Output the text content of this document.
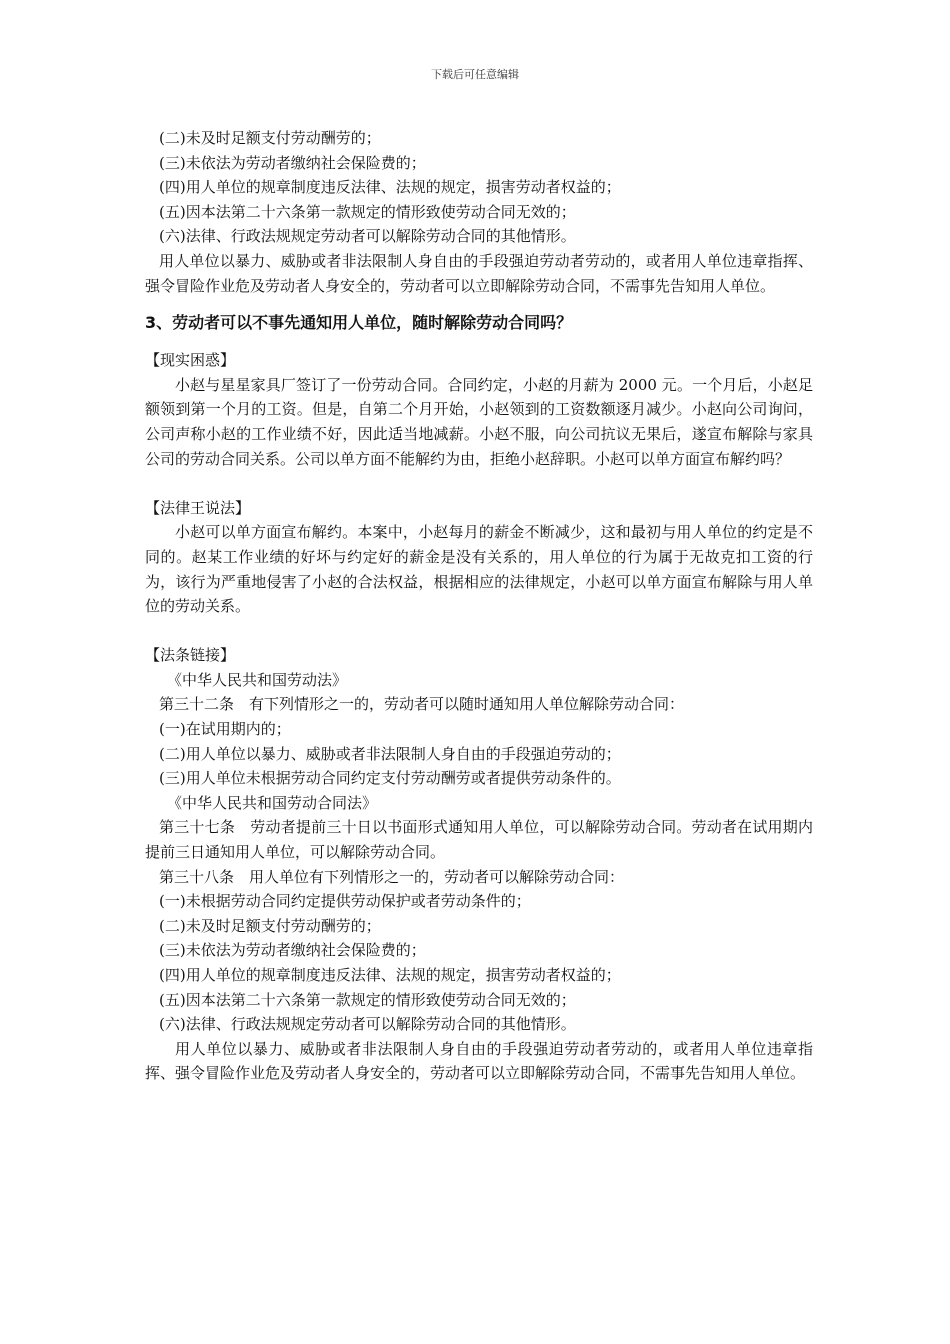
下载后可任意编辑

(二)未及时足额支付劳动酬劳的；

(三)未依法为劳动者缴纳社会保险费的；

(四)用人单位的规章制度违反法律、法规的规定，损害劳动者权益的；

(五)因本法第二十六条第一款规定的情形致使劳动合同无效的；

(六)法律、行政法规规定劳动者可以解除劳动合同的其他情形。

用人单位以暴力、威胁或者非法限制人身自由的手段强迫劳动者劳动的，或者用人单位违章指挥、强令冒险作业危及劳动者人身安全的，劳动者可以立即解除劳动合同，不需事先告知用人单位。

3、劳动者可以不事先通知用人单位，随时解除劳动合同吗？

【现实困惑】

小赵与星星家具厂签订了一份劳动合同。合同约定，小赵的月薪为 2000 元。一个月后，小赵足额领到第一个月的工资。但是，自第二个月开始，小赵领到的工资数额逐月减少。小赵向公司询问，公司声称小赵的工作业绩不好，因此适当地减薪。小赵不服，向公司抗议无果后，遂宣布解除与家具公司的劳动合同关系。公司以单方面不能解约为由，拒绝小赵辞职。小赵可以单方面宣布解约吗？

【法律王说法】

小赵可以单方面宣布解约。本案中，小赵每月的薪金不断减少，这和最初与用人单位的约定是不同的。赵某工作业绩的好坏与约定好的薪金是没有关系的，用人单位的行为属于无故克扣工资的行为，该行为严重地侵害了小赵的合法权益，根据相应的法律规定，小赵可以单方面宣布解除与用人单位的劳动关系。

【法条链接】

《中华人民共和国劳动法》

第三十二条　有下列情形之一的，劳动者可以随时通知用人单位解除劳动合同：

(一)在试用期内的；

(二)用人单位以暴力、威胁或者非法限制人身自由的手段强迫劳动的；

(三)用人单位未根据劳动合同约定支付劳动酬劳或者提供劳动条件的。

《中华人民共和国劳动合同法》

第三十七条　劳动者提前三十日以书面形式通知用人单位，可以解除劳动合同。劳动者在试用期内提前三日通知用人单位，可以解除劳动合同。

第三十八条　用人单位有下列情形之一的，劳动者可以解除劳动合同：

(一)未根据劳动合同约定提供劳动保护或者劳动条件的；

(二)未及时足额支付劳动酬劳的；

(三)未依法为劳动者缴纳社会保险费的；

(四)用人单位的规章制度违反法律、法规的规定，损害劳动者权益的；

(五)因本法第二十六条第一款规定的情形致使劳动合同无效的；

(六)法律、行政法规规定劳动者可以解除劳动合同的其他情形。

用人单位以暴力、威胁或者非法限制人身自由的手段强迫劳动者劳动的，或者用人单位违章指挥、强令冒险作业危及劳动者人身安全的，劳动者可以立即解除劳动合同，不需事先告知用人单位。
